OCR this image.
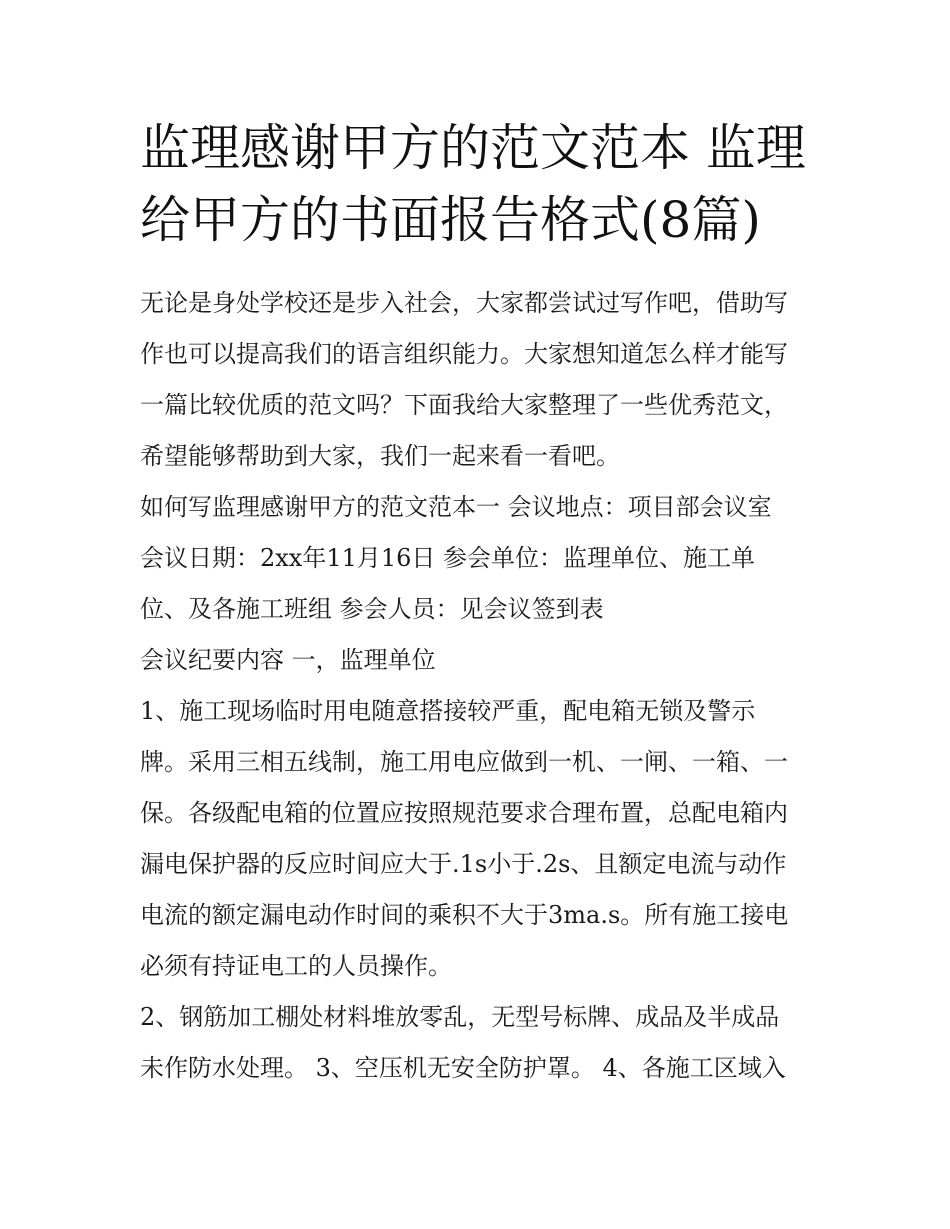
监理感谢甲方的范文范本 监理
给甲方的书面报告格式(8篇)
无论是身处学校还是步入社会，大家都尝试过写作吧，借助写
作也可以提高我们的语言组织能力。大家想知道怎么样才能写
一篇比较优质的范文吗？下面我给大家整理了一些优秀范文，
希望能够帮助到大家，我们一起来看一看吧。
如何写监理感谢甲方的范文范本一 会议地点：项目部会议室
会议日期：2xx年11月16日 参会单位：监理单位、施工单
位、及各施工班组 参会人员：见会议签到表
会议纪要内容 一，监理单位
1、施工现场临时用电随意搭接较严重，配电箱无锁及警示
牌。采用三相五线制，施工用电应做到一机、一闸、一箱、一
保。各级配电箱的位置应按照规范要求合理布置，总配电箱内
漏电保护器的反应时间应大于.1s小于.2s、且额定电流与动作
电流的额定漏电动作时间的乘积不大于3ma.s。所有施工接电
必须有持证电工的人员操作。
2、钢筋加工棚处材料堆放零乱，无型号标牌、成品及半成品
未作防水处理。 3、空压机无安全防护罩。 4、各施工区域入
